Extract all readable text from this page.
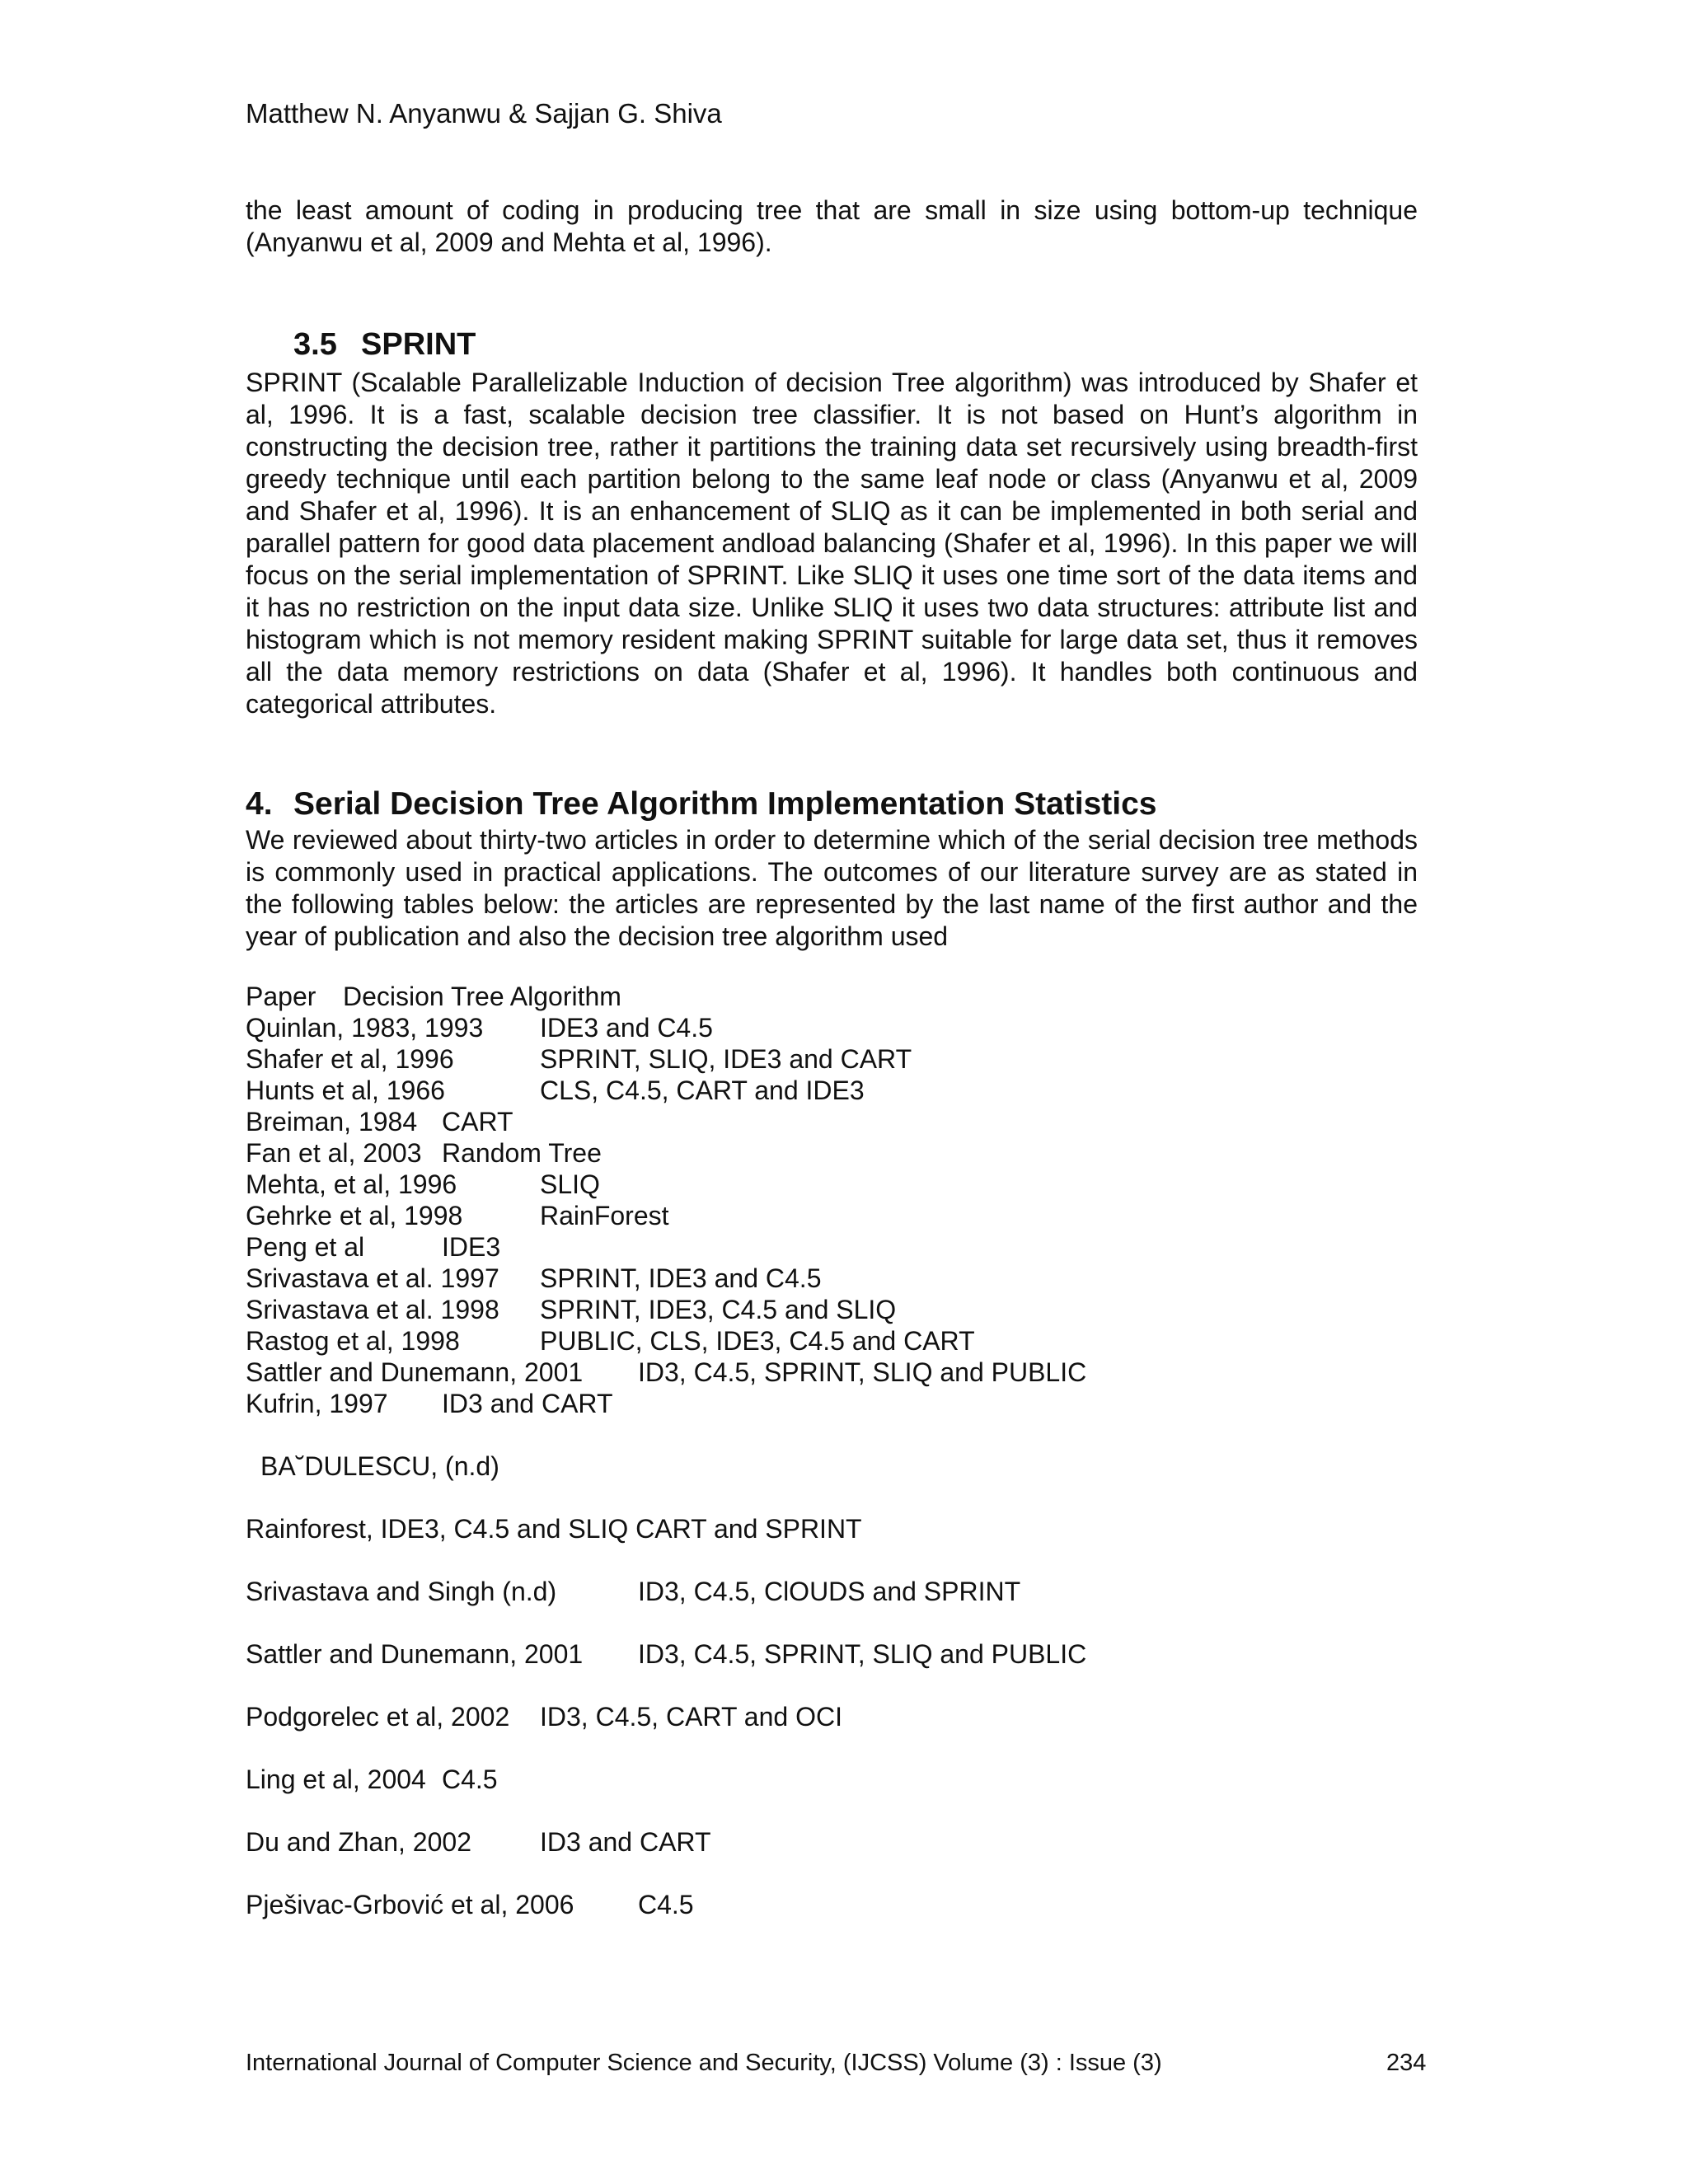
Matthew N. Anyanwu & Sajjan G. Shiva
the least amount of coding in producing tree that are small in size using bottom-up technique (Anyanwu et al, 2009 and Mehta et al, 1996).
3.5 SPRINT
SPRINT (Scalable Parallelizable Induction of decision Tree algorithm) was introduced by Shafer et al, 1996. It is a fast, scalable decision tree classifier. It is not based on Hunt’s algorithm in constructing the decision tree, rather it partitions the training data set recursively using breadth-first greedy technique until each partition belong to the same leaf node or class (Anyanwu et al, 2009 and Shafer et al, 1996). It is an enhancement of SLIQ as it can be implemented in both serial and parallel pattern for good data placement andload balancing (Shafer et al, 1996). In this paper we will focus on the serial implementation of SPRINT. Like SLIQ it uses one time sort of the data items and it has no restriction on the input data size. Unlike SLIQ it uses two data structures: attribute list and histogram which is not memory resident making SPRINT suitable for large data set, thus it removes all the data memory restrictions on data (Shafer et al, 1996). It handles both continuous and categorical attributes.
4. Serial Decision Tree Algorithm Implementation Statistics
We reviewed about thirty-two articles in order to determine which of the serial decision tree methods is commonly used in practical applications. The outcomes of our literature survey are as stated in the following tables below: the articles are represented by the last name of the first author and the year of publication and also the decision tree algorithm used
Paper Decision Tree Algorithm
Quinlan, 1983, 1993 IDE3 and C4.5
Shafer et al, 1996	SPRINT, SLIQ, IDE3 and CART
Hunts et al, 1966	CLS, C4.5, CART and IDE3
Breiman, 1984 CART
Fan et al, 2003 Random Tree
Mehta, et al, 1996	SLIQ
Gehrke et al, 1998	RainForest
Peng et al	IDE3
Srivastava et al. 1997 SPRINT, IDE3 and C4.5
Srivastava et al. 1998 SPRINT, IDE3, C4.5 and SLIQ
Rastog et al, 1998	PUBLIC, CLS, IDE3, C4.5 and CART
Sattler and Dunemann, 2001 ID3, C4.5, SPRINT, SLIQ and PUBLIC
Kufrin, 1997 ID3 and CART
BA˘DULESCU, (n.d)
Rainforest, IDE3, C4.5 and SLIQ CART and SPRINT
Srivastava and Singh (n.d)	ID3, C4.5, ClOUDS and SPRINT
Sattler and Dunemann, 2001 ID3, C4.5, SPRINT, SLIQ and PUBLIC
Podgorelec et al, 2002 ID3, C4.5, CART and OCI
Ling et al, 2004 C4.5
Du and Zhan, 2002	ID3 and CART
Pješivac-Grbović et al, 2006 C4.5
International Journal of Computer Science and Security, (IJCSS) Volume (3) : Issue (3)	234
